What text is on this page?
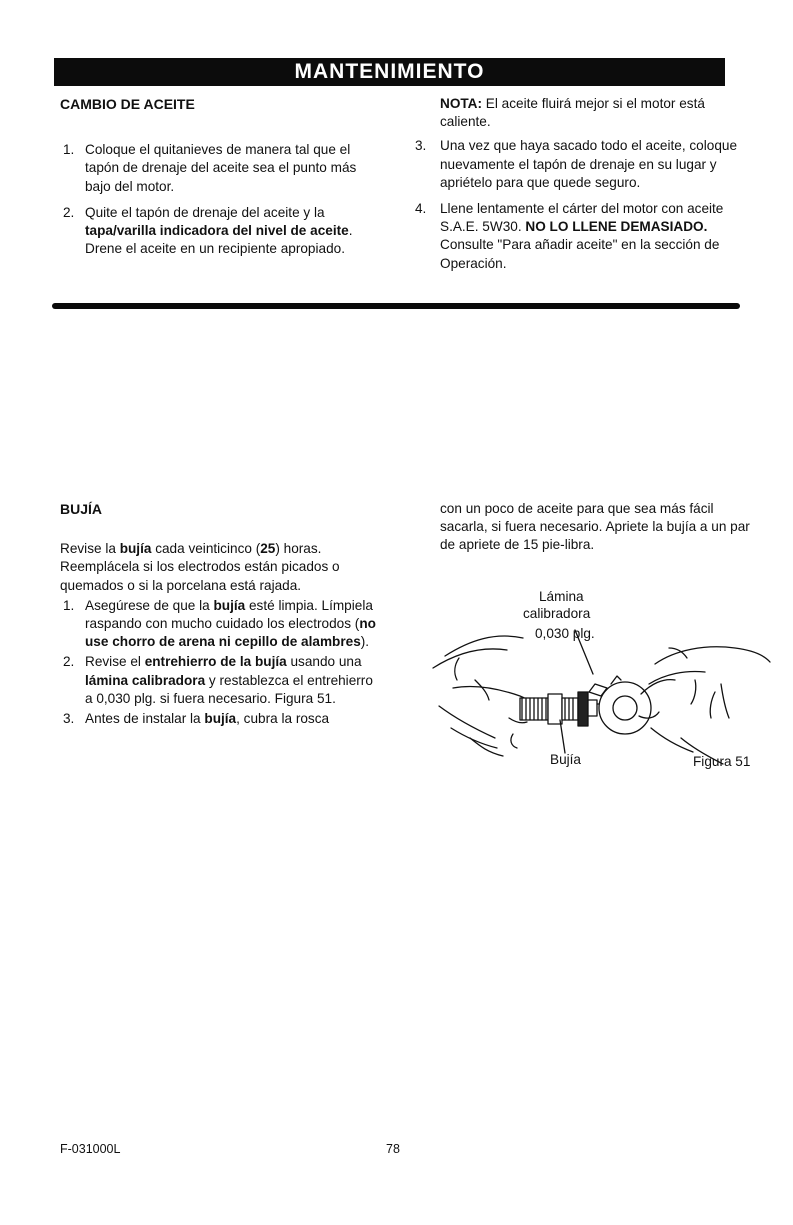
MANTENIMIENTO
CAMBIO DE ACEITE
1. Coloque el quitanieves de manera tal que el tapón de drenaje del aceite sea el punto más bajo del motor.
2. Quite el tapón de drenaje del aceite y la tapa/varilla indicadora del nivel de aceite. Drene el aceite en un recipiente apropiado.
NOTA: El aceite fluirá mejor si el motor está caliente.
3. Una vez que haya sacado todo el aceite, coloque nuevamente el tapón de drenaje en su lugar y apriételo para que quede seguro.
4. Llene lentamente el cárter del motor con aceite S.A.E. 5W30. NO LO LLENE DEMASIADO. Consulte "Para añadir aceite" en la sección de Operación.
BUJÍA

Revise la bujía cada veinticinco (25) horas. Reemplácela si los electrodos están picados o quemados o si la porcelana está rajada.

1. Asegúrese de que la bujía esté limpia. Límpiela raspando con mucho cuidado los electrodos (no use chorro de arena ni cepillo de alambres).
2. Revise el entrehierro de la bujía usando una lámina calibradora y restablezca el entrehierro a 0,030 plg. si fuera necesario. Figura 51.
3. Antes de instalar la bujía, cubra la rosca

con un poco de aceite para que sea más fácil sacarla, si fuera necesario. Apriete la bujía a un par de apriete de 15 pie-libra.

Lámina
calibradora
0,030 plg.
Bujía	Figura 51
F-031000L	78
